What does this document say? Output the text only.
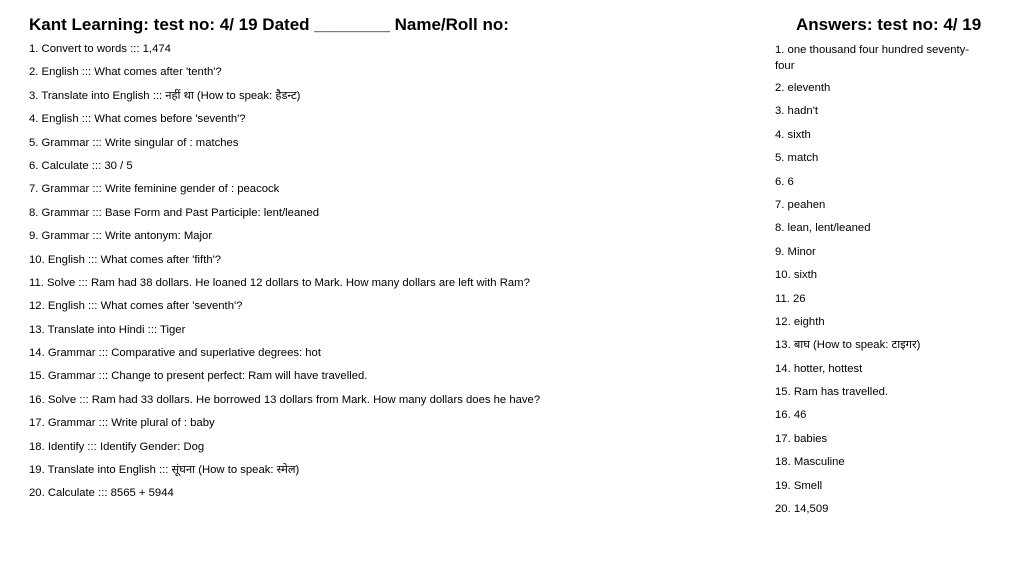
Kant Learning: test no: 4/ 19 Dated ________ Name/Roll no:	Answers: test no: 4/ 19
1. Convert to words ::: 1,474
2. English ::: What comes after 'tenth'?
3. Translate into English ::: नहीं था (How to speak: हैडन्ट)
4. English ::: What comes before 'seventh'?
5. Grammar ::: Write singular of : matches
6. Calculate ::: 30 / 5
7. Grammar ::: Write feminine gender of : peacock
8. Grammar ::: Base Form and Past Participle: lent/leaned
9. Grammar ::: Write antonym: Major
10. English ::: What comes after 'fifth'?
11. Solve ::: Ram had 38 dollars. He loaned 12 dollars to Mark. How many dollars are left with Ram?
12. English ::: What comes after 'seventh'?
13. Translate into Hindi ::: Tiger
14. Grammar ::: Comparative and superlative degrees: hot
15. Grammar ::: Change to present perfect: Ram will have travelled.
16. Solve ::: Ram had 33 dollars. He borrowed 13 dollars from Mark. How many dollars does he have?
17. Grammar ::: Write plural of : baby
18. Identify ::: Identify Gender: Dog
19. Translate into English ::: सूंघना (How to speak: स्मेल)
20. Calculate ::: 8565 + 5944
1. one thousand four hundred seventy-four
2. eleventh
3. hadn't
4. sixth
5. match
6. 6
7. peahen
8. lean, lent/leaned
9. Minor
10. sixth
11. 26
12. eighth
13. बाघ (How to speak: टाइगर)
14. hotter, hottest
15. Ram has travelled.
16. 46
17. babies
18. Masculine
19. Smell
20. 14,509
